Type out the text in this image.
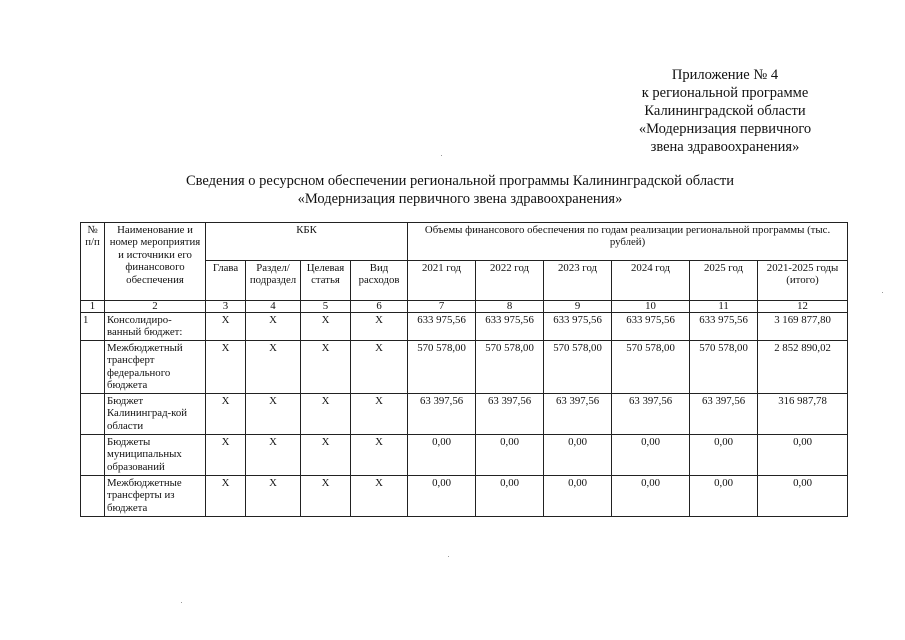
Приложение № 4
к региональной программе
Калининградской области
«Модернизация первичного
звена здравоохранения»
Сведения о ресурсном обеспечении региональной программы Калининградской области
«Модернизация первичного звена здравоохранения»
№ п/п	Наименование и номер мероприятия и источники его финансового обеспечения	КБК				Объемы финансового обеспечения по годам реализации региональной программы (тыс. рублей)					
		Глава	Раздел/ подраздел	Целевая статья	Вид расходов	2021 год	2022 год	2023 год	2024 год	2025 год	2021-2025 годы (итого)
1	2	3	4	5	6	7	8	9	10	11	12
1	Консолидиро-ванный бюджет:	Х	Х	Х	Х	633 975,56	633 975,56	633 975,56	633 975,56	633 975,56	3 169 877,80
	Межбюджетный трансферт федерального бюджета	Х	Х	Х	Х	570 578,00	570 578,00	570 578,00	570 578,00	570 578,00	2 852 890,02
	Бюджет Калининград-кой области	Х	Х	Х	Х	63 397,56	63 397,56	63 397,56	63 397,56	63 397,56	316 987,78
	Бюджеты муниципальных образований	Х	Х	Х	Х	0,00	0,00	0,00	0,00	0,00	0,00
	Межбюджетные трансферты из бюджета	Х	Х	Х	Х	0,00	0,00	0,00	0,00	0,00	0,00
